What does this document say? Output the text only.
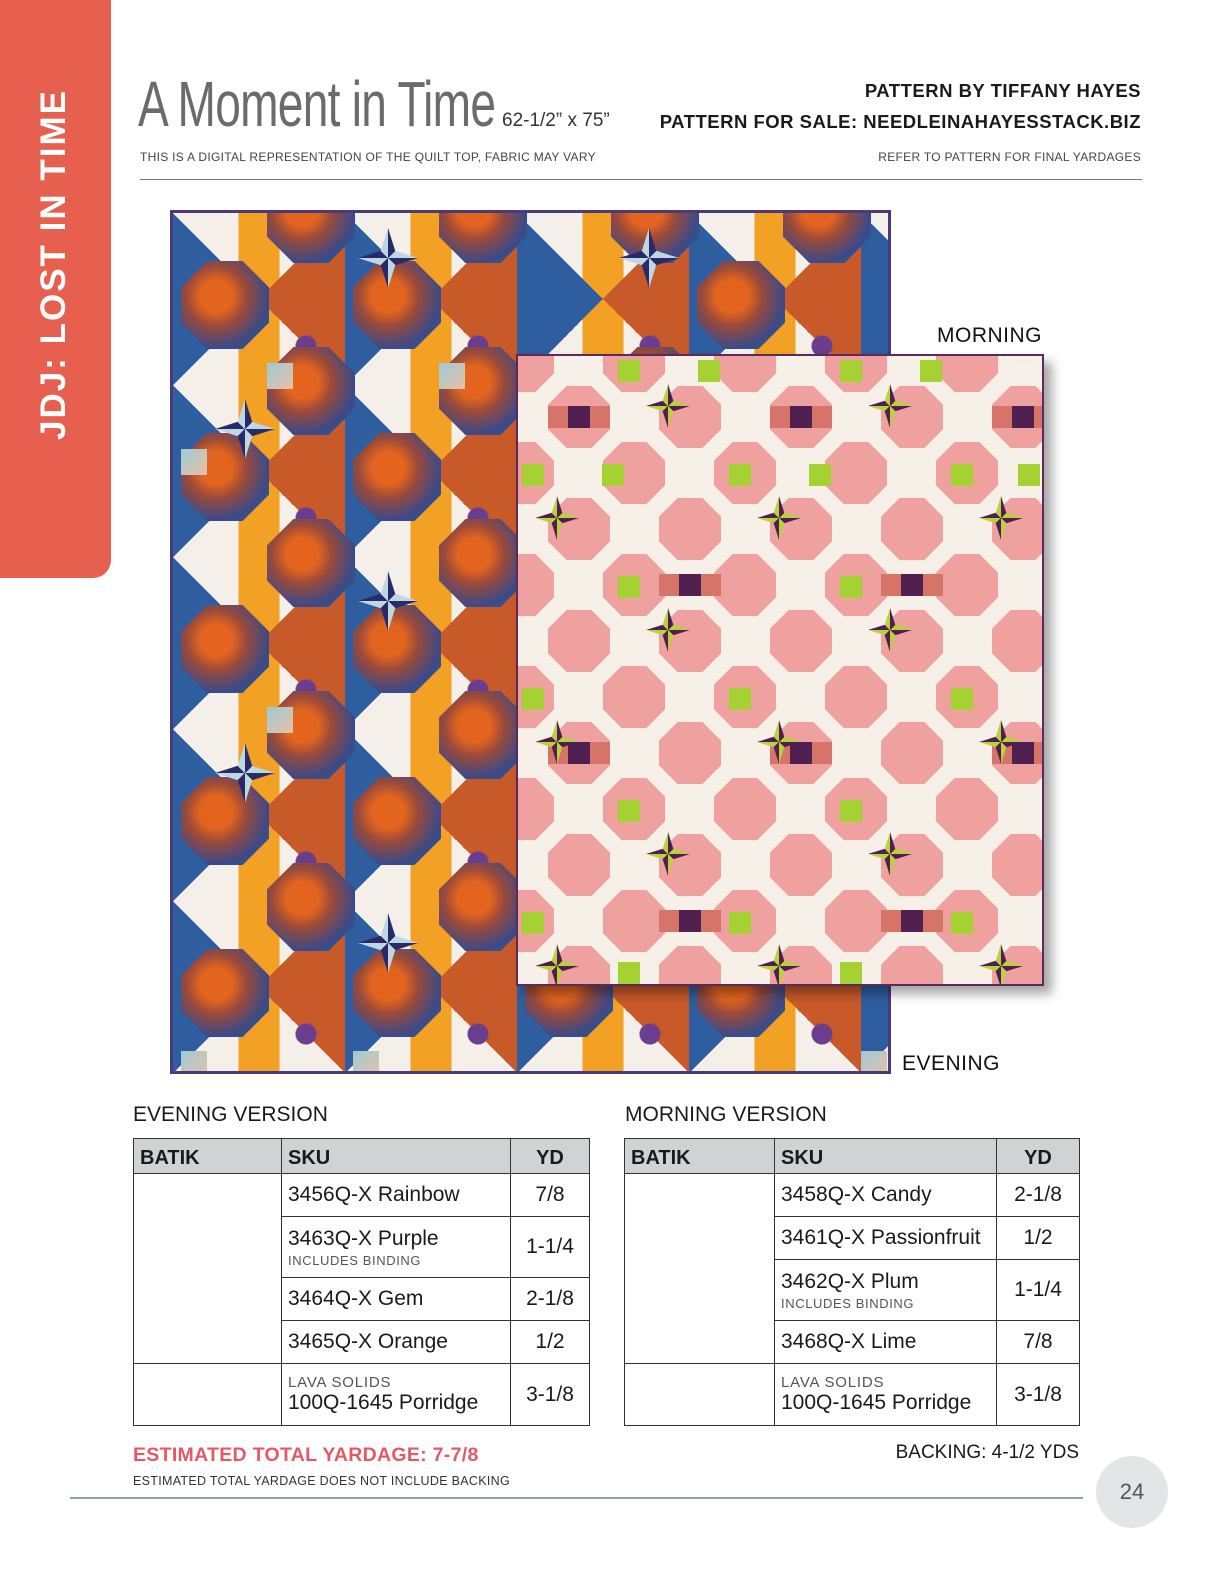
JDJ: LOST IN TIME	A Moment in Time 62-1/2” x 75”
THIS IS A DIGITAL REPRESENTATION OF THE QUILT TOP, FABRIC MAY VARY
PATTERN BY TIFFANY HAYES
PATTERN FOR SALE: NEEDLEINAHAYESSTACK.BIZ
REFER TO PATTERN FOR FINAL YARDAGES
MORNING
EVENING
EVENING VERSION
BATIK	SKU	YD

	3456Q-X Rainbow	7/8

	3463Q-X Purple
INCLUDES BINDING	1-1/4

	3464Q-X Gem	2-1/8

	3465Q-X Orange	1/2

	LAVA SOLIDS
100Q-1645 Porridge	3-1/8
MORNING VERSION
BATIK	SKU	YD

	3458Q-X Candy	2-1/8

	3461Q-X Passionfruit	1/2

	3462Q-X Plum
INCLUDES BINDING	1-1/4

	3468Q-X Lime	7/8

	LAVA SOLIDS
100Q-1645 Porridge	3-1/8
ESTIMATED TOTAL YARDAGE: 7-7/8
ESTIMATED TOTAL YARDAGE DOES NOT INCLUDE BACKING
BACKING: 4-1/2 YDS
24
